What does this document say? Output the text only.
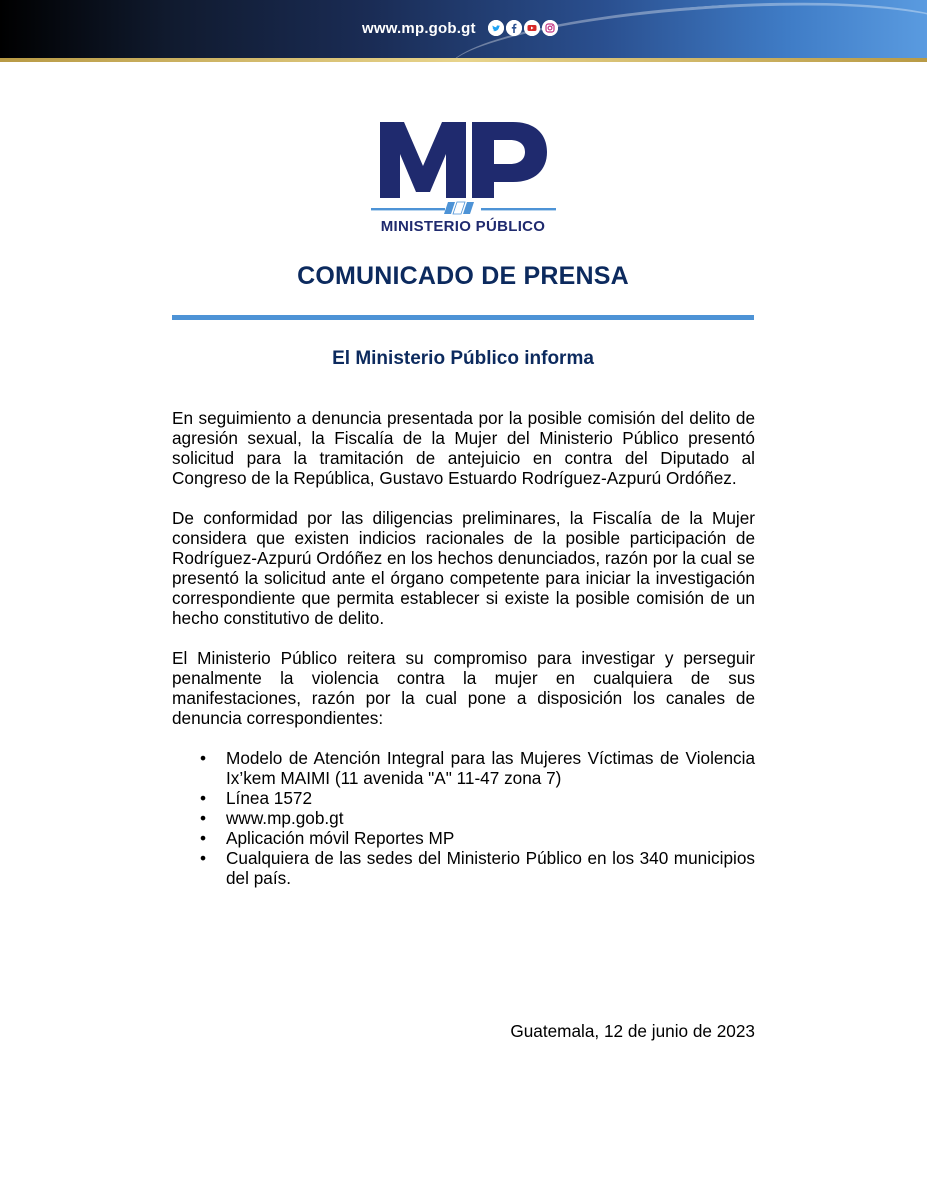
www.mp.gob.gt
MINISTERIO PÚBLICO
COMUNICADO DE PRENSA
El Ministerio Público informa

En seguimiento a denuncia presentada por la posible comisión del delito de agresión sexual, la Fiscalía de la Mujer del Ministerio Público presentó solicitud para la tramitación de antejuicio en contra del Diputado al Congreso de la República, Gustavo Estuardo Rodríguez-Azpurú Ordóñez.

De conformidad por las diligencias preliminares, la Fiscalía de la Mujer considera que existen indicios racionales de la posible participación de Rodríguez-Azpurú Ordóñez en los hechos denunciados, razón por la cual se presentó la solicitud ante el órgano competente para iniciar la investigación correspondiente que permita establecer si existe la posible comisión de un hecho constitutivo de delito.

El Ministerio Público reitera su compromiso para investigar y perseguir penalmente la violencia contra la mujer en cualquiera de sus manifestaciones, razón por la cual pone a disposición los canales de denuncia correspondientes:

• Modelo de Atención Integral para las Mujeres Víctimas de Violencia Ix’kem MAIMI (11 avenida "A" 11-47 zona 7)
• Línea 1572
• www.mp.gob.gt
• Aplicación móvil Reportes MP
• Cualquiera de las sedes del Ministerio Público en los 340 municipios del país.
Guatemala, 12 de junio de 2023
